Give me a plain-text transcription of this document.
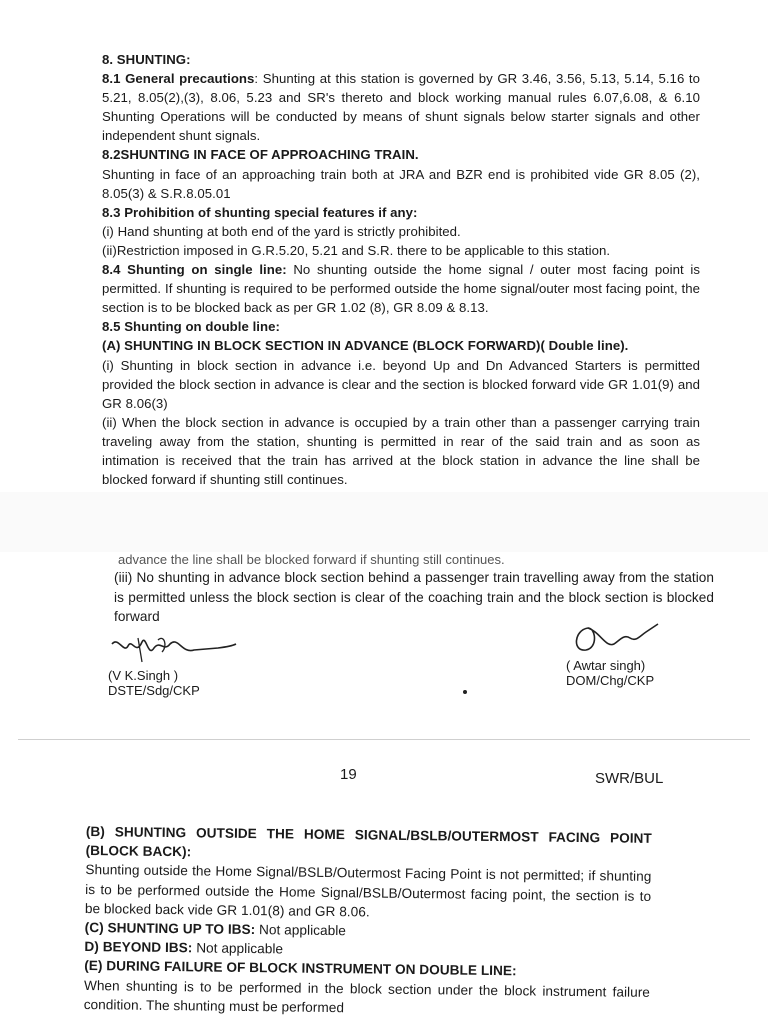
8. SHUNTING:

8.1 General precautions: Shunting at this station is governed by GR 3.46, 3.56, 5.13, 5.14, 5.16 to 5.21, 8.05(2),(3), 8.06, 5.23 and SR's thereto and block working manual rules 6.07,6.08, & 6.10 Shunting Operations will be conducted by means of shunt signals below starter signals and other independent shunt signals.

8.2SHUNTING IN FACE OF APPROACHING TRAIN.

Shunting in face of an approaching train both at JRA and BZR end is prohibited vide GR 8.05 (2), 8.05(3) & S.R.8.05.01

8.3 Prohibition of shunting special features if any:

(i) Hand shunting at both end of the yard is strictly prohibited.

(ii)Restriction imposed in G.R.5.20, 5.21 and S.R. there to be applicable to this station.

8.4 Shunting on single line: No shunting outside the home signal / outer most facing point is permitted. If shunting is required to be performed outside the home signal/outer most facing point, the section is to be blocked back as per GR 1.02 (8), GR 8.09 & 8.13.

8.5 Shunting on double line:

(A) SHUNTING IN BLOCK SECTION IN ADVANCE (BLOCK FORWARD)( Double line).

(i) Shunting in block section in advance i.e. beyond Up and Dn Advanced Starters is permitted provided the block section in advance is clear and the section is blocked forward vide GR 1.01(9) and GR 8.06(3)

(ii) When the block section in advance is occupied by a train other than a passenger carrying train traveling away from the station, shunting is permitted in rear of the said train and as soon as intimation is received that the train has arrived at the block station in advance the line shall be blocked forward if shunting still continues.

advance the line shall be blocked forward if shunting still continues.

(iii) No shunting in advance block section behind a passenger train travelling away from the station is permitted unless the block section is clear of the coaching train and the block section is blocked forward

(V K.Singh )
DSTE/Sdg/CKP
( Awtar singh)
DOM/Chg/CKP
19	SWR/BUL

(B) SHUNTING OUTSIDE THE HOME SIGNAL/BSLB/OUTERMOST FACING POINT (BLOCK BACK):

Shunting outside the Home Signal/BSLB/Outermost Facing Point is not permitted; if shunting is to be performed outside the Home Signal/BSLB/Outermost facing point, the section is to be blocked back vide GR 1.01(8) and GR 8.06.

(C) SHUNTING UP TO IBS: Not applicable

D) BEYOND IBS: Not applicable

(E) DURING FAILURE OF BLOCK INSTRUMENT ON DOUBLE LINE:

When shunting is to be performed in the block section under the block instrument failure condition. The shunting must be performed
